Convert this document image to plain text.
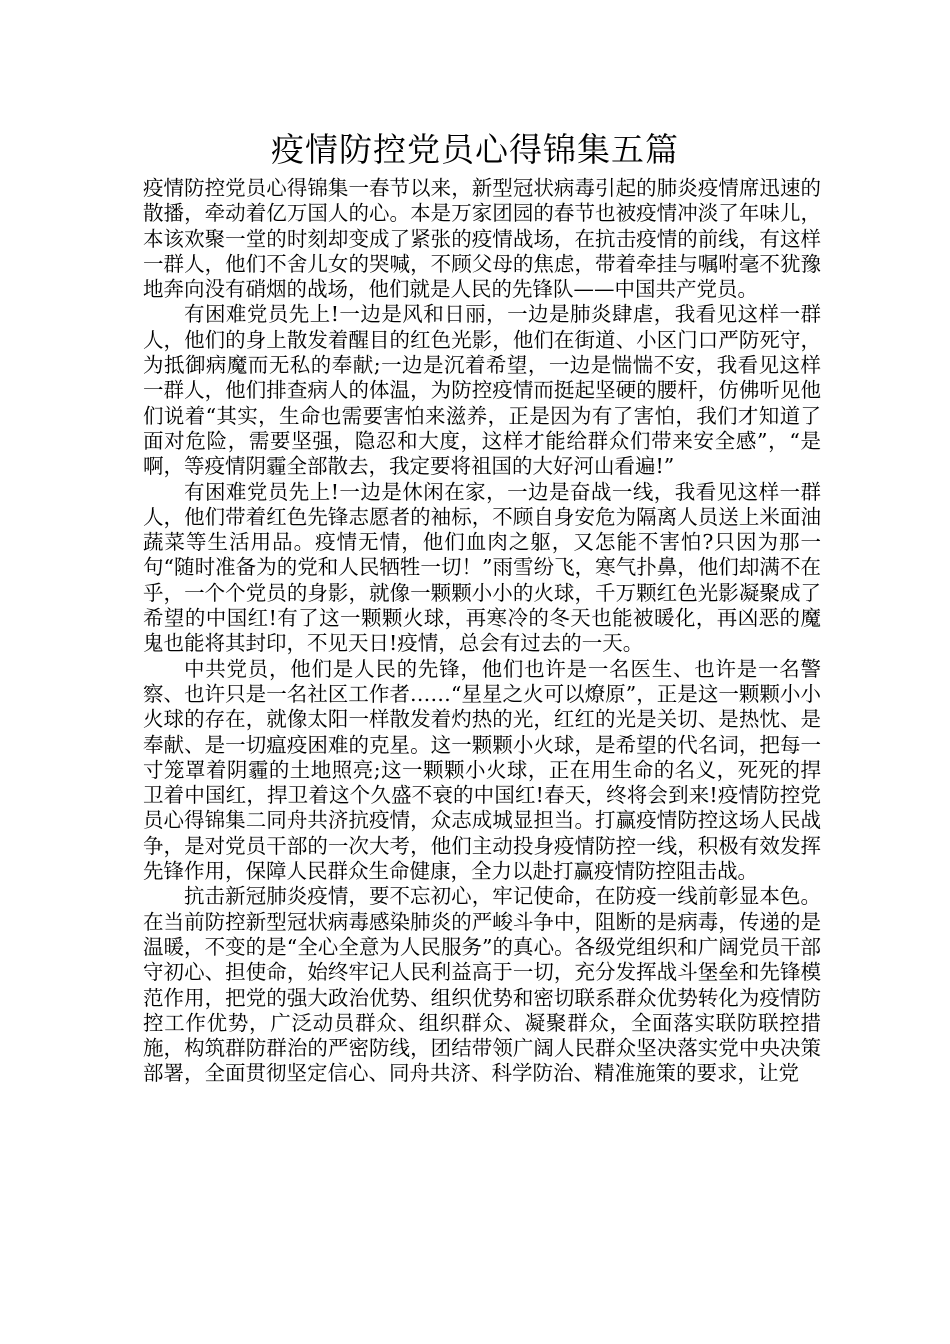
疫情防控党员心得锦集五篇

疫情防控党员心得锦集一春节以来，新型冠状病毒引起的肺炎疫情席迅速的散播，牵动着亿万国人的心。本是万家团园的春节也被疫情冲淡了年味儿，本该欢聚一堂的时刻却变成了紧张的疫情战场，在抗击疫情的前线，有这样一群人，他们不舍儿女的哭喊，不顾父母的焦虑，带着牵挂与嘱咐毫不犹豫地奔向没有硝烟的战场，他们就是人民的先锋队——中国共产党员。

有困难党员先上!一边是风和日丽，一边是肺炎肆虐，我看见这样一群人，他们的身上散发着醒目的红色光影，他们在街道、小区门口严防死守，为抵御病魔而无私的奉献;一边是沉着希望，一边是惴惴不安，我看见这样一群人，他们排查病人的体温，为防控疫情而挺起坚硬的腰杆，仿佛听见他们说着“其实，生命也需要害怕来滋养，正是因为有了害怕，我们才知道了面对危险，需要坚强，隐忍和大度，这样才能给群众们带来安全感”，“是啊，等疫情阴霾全部散去，我定要将祖国的大好河山看遍!”

有困难党员先上!一边是休闲在家，一边是奋战一线，我看见这样一群人，他们带着红色先锋志愿者的袖标，不顾自身安危为隔离人员送上米面油蔬菜等生活用品。疫情无情，他们血肉之躯，又怎能不害怕?只因为那一句“随时准备为的党和人民牺牲一切！”雨雪纷飞，寒气扑鼻，他们却满不在乎，一个个党员的身影，就像一颗颗小小的火球，千万颗红色光影凝聚成了希望的中国红!有了这一颗颗火球，再寒冷的冬天也能被暖化，再凶恶的魔鬼也能将其封印，不见天日!疫情，总会有过去的一天。

中共党员，他们是人民的先锋，他们也许是一名医生、也许是一名警察、也许只是一名社区工作者……“星星之火可以燎原”，正是这一颗颗小小火球的存在，就像太阳一样散发着灼热的光，红红的光是关切、是热忱、是奉献、是一切瘟疫困难的克星。这一颗颗小火球，是希望的代名词，把每一寸笼罩着阴霾的土地照亮;这一颗颗小火球，正在用生命的名义，死死的捍卫着中国红，捍卫着这个久盛不衰的中国红!春天，终将会到来!疫情防控党员心得锦集二同舟共济抗疫情，众志成城显担当。打赢疫情防控这场人民战争，是对党员干部的一次大考，他们主动投身疫情防控一线，积极有效发挥先锋作用，保障人民群众生命健康，全力以赴打赢疫情防控阻击战。

抗击新冠肺炎疫情，要不忘初心，牢记使命，在防疫一线前彰显本色。在当前防控新型冠状病毒感染肺炎的严峻斗争中，阻断的是病毒，传递的是温暖，不变的是“全心全意为人民服务”的真心。各级党组织和广阔党员干部守初心、担使命，始终牢记人民利益高于一切，充分发挥战斗堡垒和先锋模范作用，把党的强大政治优势、组织优势和密切联系群众优势转化为疫情防控工作优势，广泛动员群众、组织群众、凝聚群众，全面落实联防联控措施，构筑群防群治的严密防线，团结带领广阔人民群众坚决落实党中央决策部署，全面贯彻坚定信心、同舟共济、科学防治、精准施策的要求，让党
